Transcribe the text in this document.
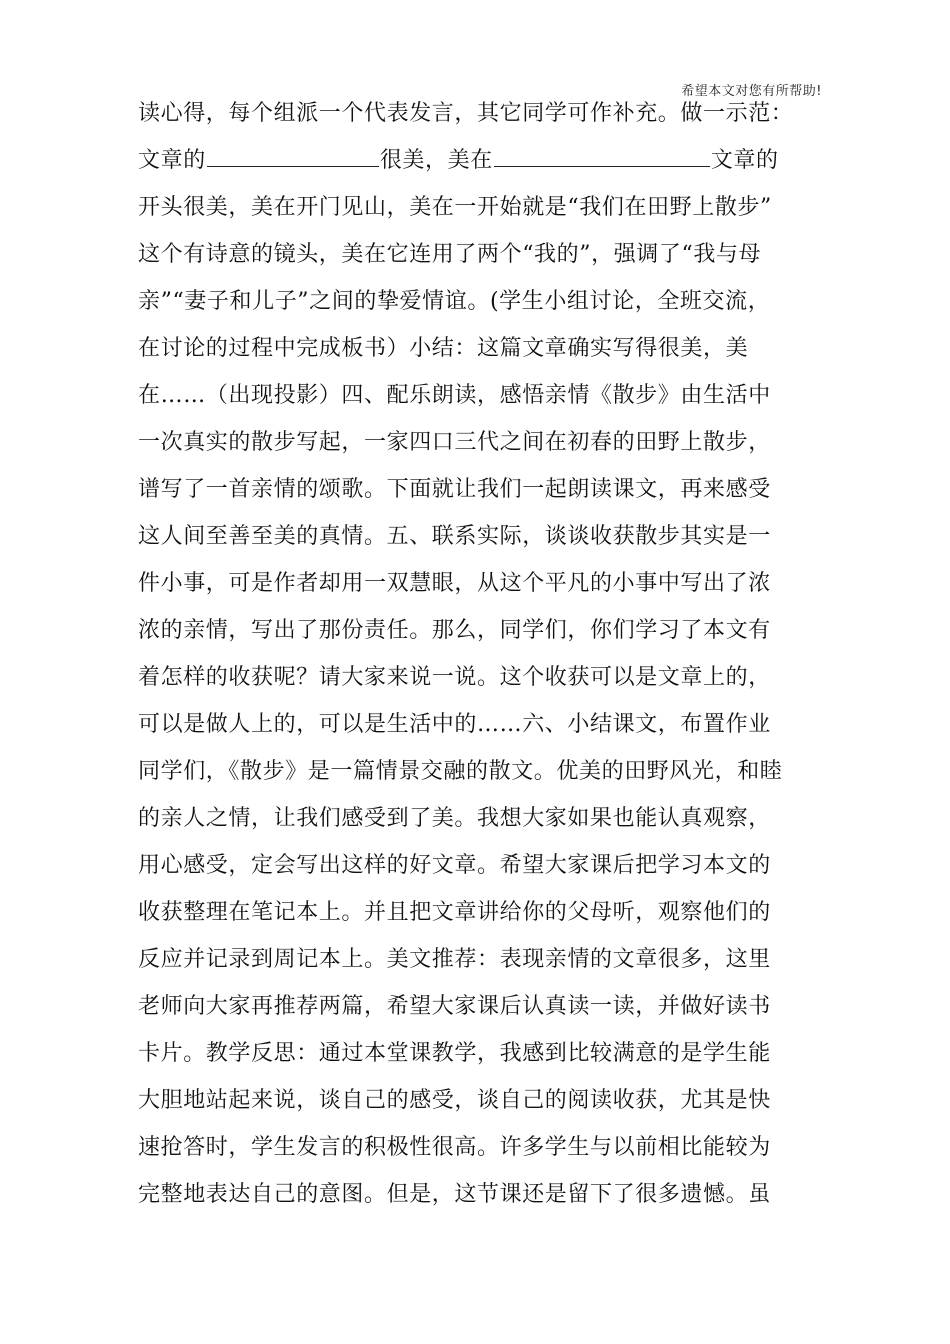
希望本文对您有所帮助!
读心得，每个组派一个代表发言，其它同学可作补充。做一示范：
文章的	很美，美在	文章的
开头很美，美在开门见山，美在一开始就是“我们在田野上散步”
这个有诗意的镜头，美在它连用了两个“我的”，强调了“我与母
亲”“妻子和儿子”之间的挚爱情谊。(学生小组讨论，全班交流，
在讨论的过程中完成板书）小结：这篇文章确实写得很美，美
在……（出现投影）四、配乐朗读，感悟亲情《散步》由生活中
一次真实的散步写起，一家四口三代之间在初春的田野上散步，
谱写了一首亲情的颂歌。下面就让我们一起朗读课文，再来感受
这人间至善至美的真情。五、联系实际，谈谈收获散步其实是一
件小事，可是作者却用一双慧眼，从这个平凡的小事中写出了浓
浓的亲情，写出了那份责任。那么，同学们，你们学习了本文有
着怎样的收获呢？请大家来说一说。这个收获可以是文章上的，
可以是做人上的，可以是生活中的……六、小结课文，布置作业
同学们，《散步》是一篇情景交融的散文。优美的田野风光，和睦
的亲人之情，让我们感受到了美。我想大家如果也能认真观察，
用心感受，定会写出这样的好文章。希望大家课后把学习本文的
收获整理在笔记本上。并且把文章讲给你的父母听，观察他们的
反应并记录到周记本上。美文推荐：表现亲情的文章很多，这里
老师向大家再推荐两篇，希望大家课后认真读一读，并做好读书
卡片。教学反思：通过本堂课教学，我感到比较满意的是学生能
大胆地站起来说，谈自己的感受，谈自己的阅读收获，尤其是快
速抢答时，学生发言的积极性很高。许多学生与以前相比能较为
完整地表达自己的意图。但是，这节课还是留下了很多遗憾。虽
